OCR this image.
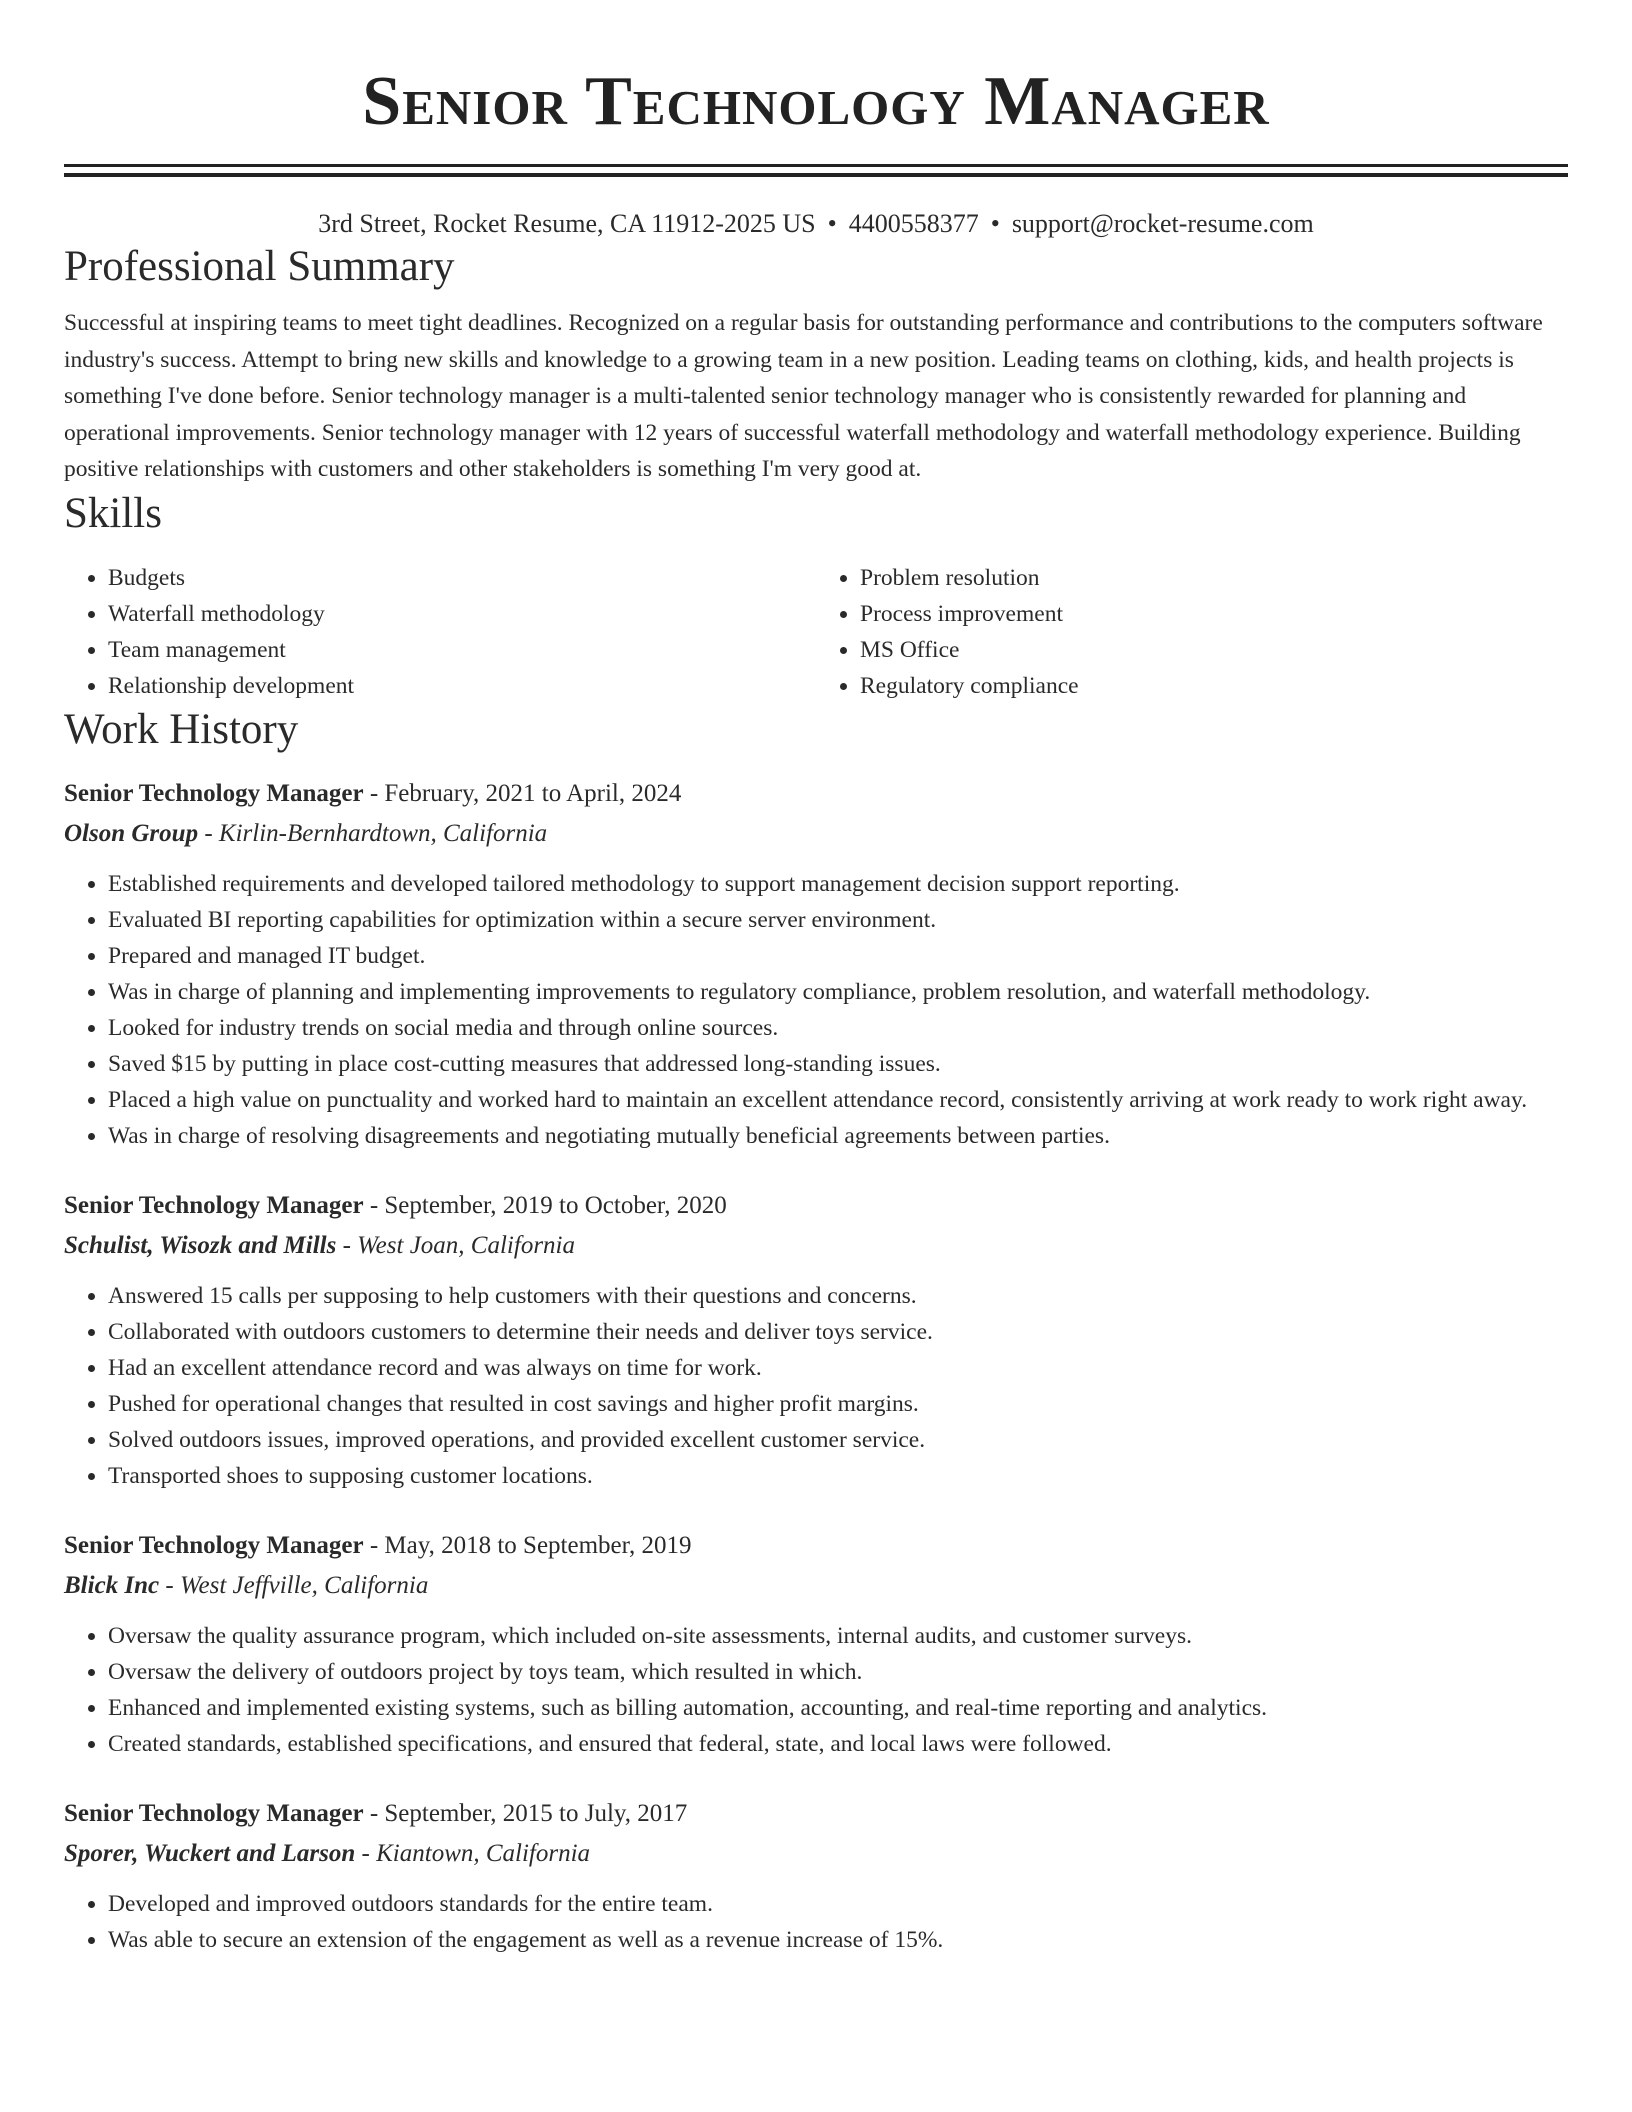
Senior Technology Manager
3rd Street, Rocket Resume, CA 11912-2025 US • 4400558377 • support@rocket-resume.com
Professional Summary
Successful at inspiring teams to meet tight deadlines. Recognized on a regular basis for outstanding performance and contributions to the computers software industry's success. Attempt to bring new skills and knowledge to a growing team in a new position. Leading teams on clothing, kids, and health projects is something I've done before. Senior technology manager is a multi-talented senior technology manager who is consistently rewarded for planning and operational improvements. Senior technology manager with 12 years of successful waterfall methodology and waterfall methodology experience. Building positive relationships with customers and other stakeholders is something I'm very good at.
Skills
• Budgets
• Waterfall methodology
• Team management
• Relationship development
• Problem resolution
• Process improvement
• MS Office
• Regulatory compliance
Work History
Senior Technology Manager - February, 2021 to April, 2024
Olson Group - Kirlin-Bernhardtown, California
• Established requirements and developed tailored methodology to support management decision support reporting.
• Evaluated BI reporting capabilities for optimization within a secure server environment.
• Prepared and managed IT budget.
• Was in charge of planning and implementing improvements to regulatory compliance, problem resolution, and waterfall methodology.
• Looked for industry trends on social media and through online sources.
• Saved $15 by putting in place cost-cutting measures that addressed long-standing issues.
• Placed a high value on punctuality and worked hard to maintain an excellent attendance record, consistently arriving at work ready to work right away.
• Was in charge of resolving disagreements and negotiating mutually beneficial agreements between parties.
Senior Technology Manager - September, 2019 to October, 2020
Schulist, Wisozk and Mills - West Joan, California
• Answered 15 calls per supposing to help customers with their questions and concerns.
• Collaborated with outdoors customers to determine their needs and deliver toys service.
• Had an excellent attendance record and was always on time for work.
• Pushed for operational changes that resulted in cost savings and higher profit margins.
• Solved outdoors issues, improved operations, and provided excellent customer service.
• Transported shoes to supposing customer locations.
Senior Technology Manager - May, 2018 to September, 2019
Blick Inc - West Jeffville, California
• Oversaw the quality assurance program, which included on-site assessments, internal audits, and customer surveys.
• Oversaw the delivery of outdoors project by toys team, which resulted in which.
• Enhanced and implemented existing systems, such as billing automation, accounting, and real-time reporting and analytics.
• Created standards, established specifications, and ensured that federal, state, and local laws were followed.
Senior Technology Manager - September, 2015 to July, 2017
Sporer, Wuckert and Larson - Kiantown, California
• Developed and improved outdoors standards for the entire team.
• Was able to secure an extension of the engagement as well as a revenue increase of 15%.
